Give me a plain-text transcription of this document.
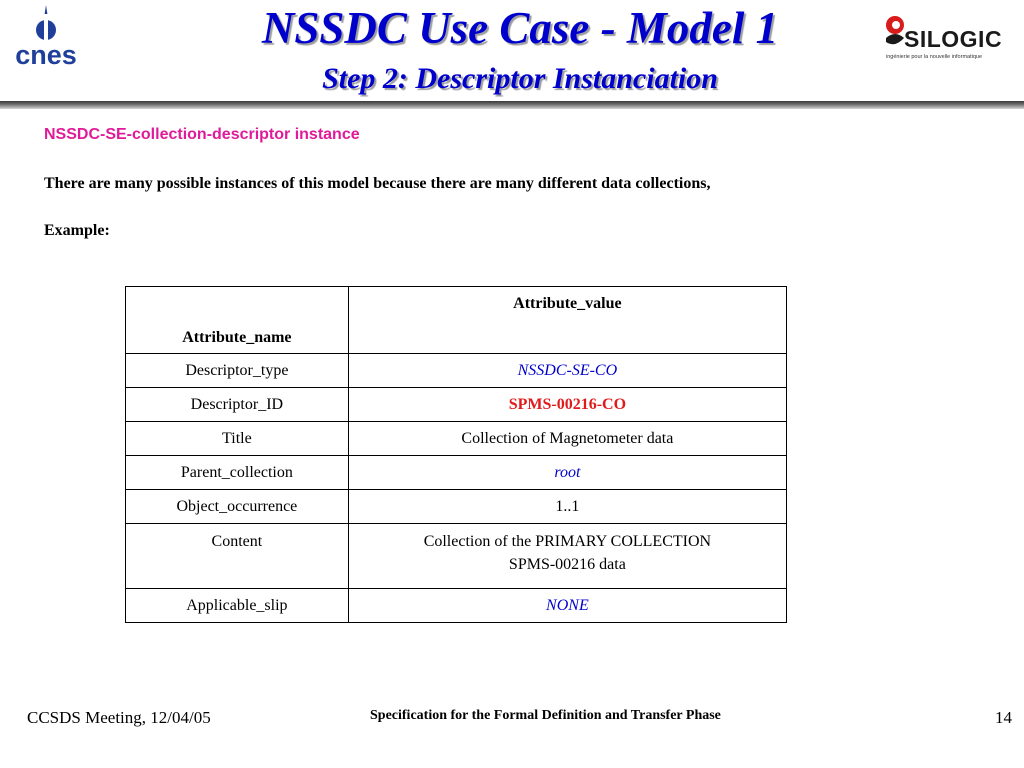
cnes
SILOGIC
ingénierie pour la nouvelle informatique
NSSDC Use Case - Model 1
Step 2: Descriptor Instanciation
NSSDC-SE-collection-descriptor instance
There are many possible instances of this model because there are many different data collections,
Example:
Attribute_name	Attribute_value
Descriptor_type	NSSDC-SE-CO
Descriptor_ID	SPMS-00216-CO
Title	Collection of Magnetometer data
Parent_collection	root
Object_occurrence	1..1
Content	Collection of the PRIMARY COLLECTION
SPMS-00216 data
Applicable_slip	NONE
CCSDS Meeting, 12/04/05	Specification for the Formal Definition and Transfer Phase	14
